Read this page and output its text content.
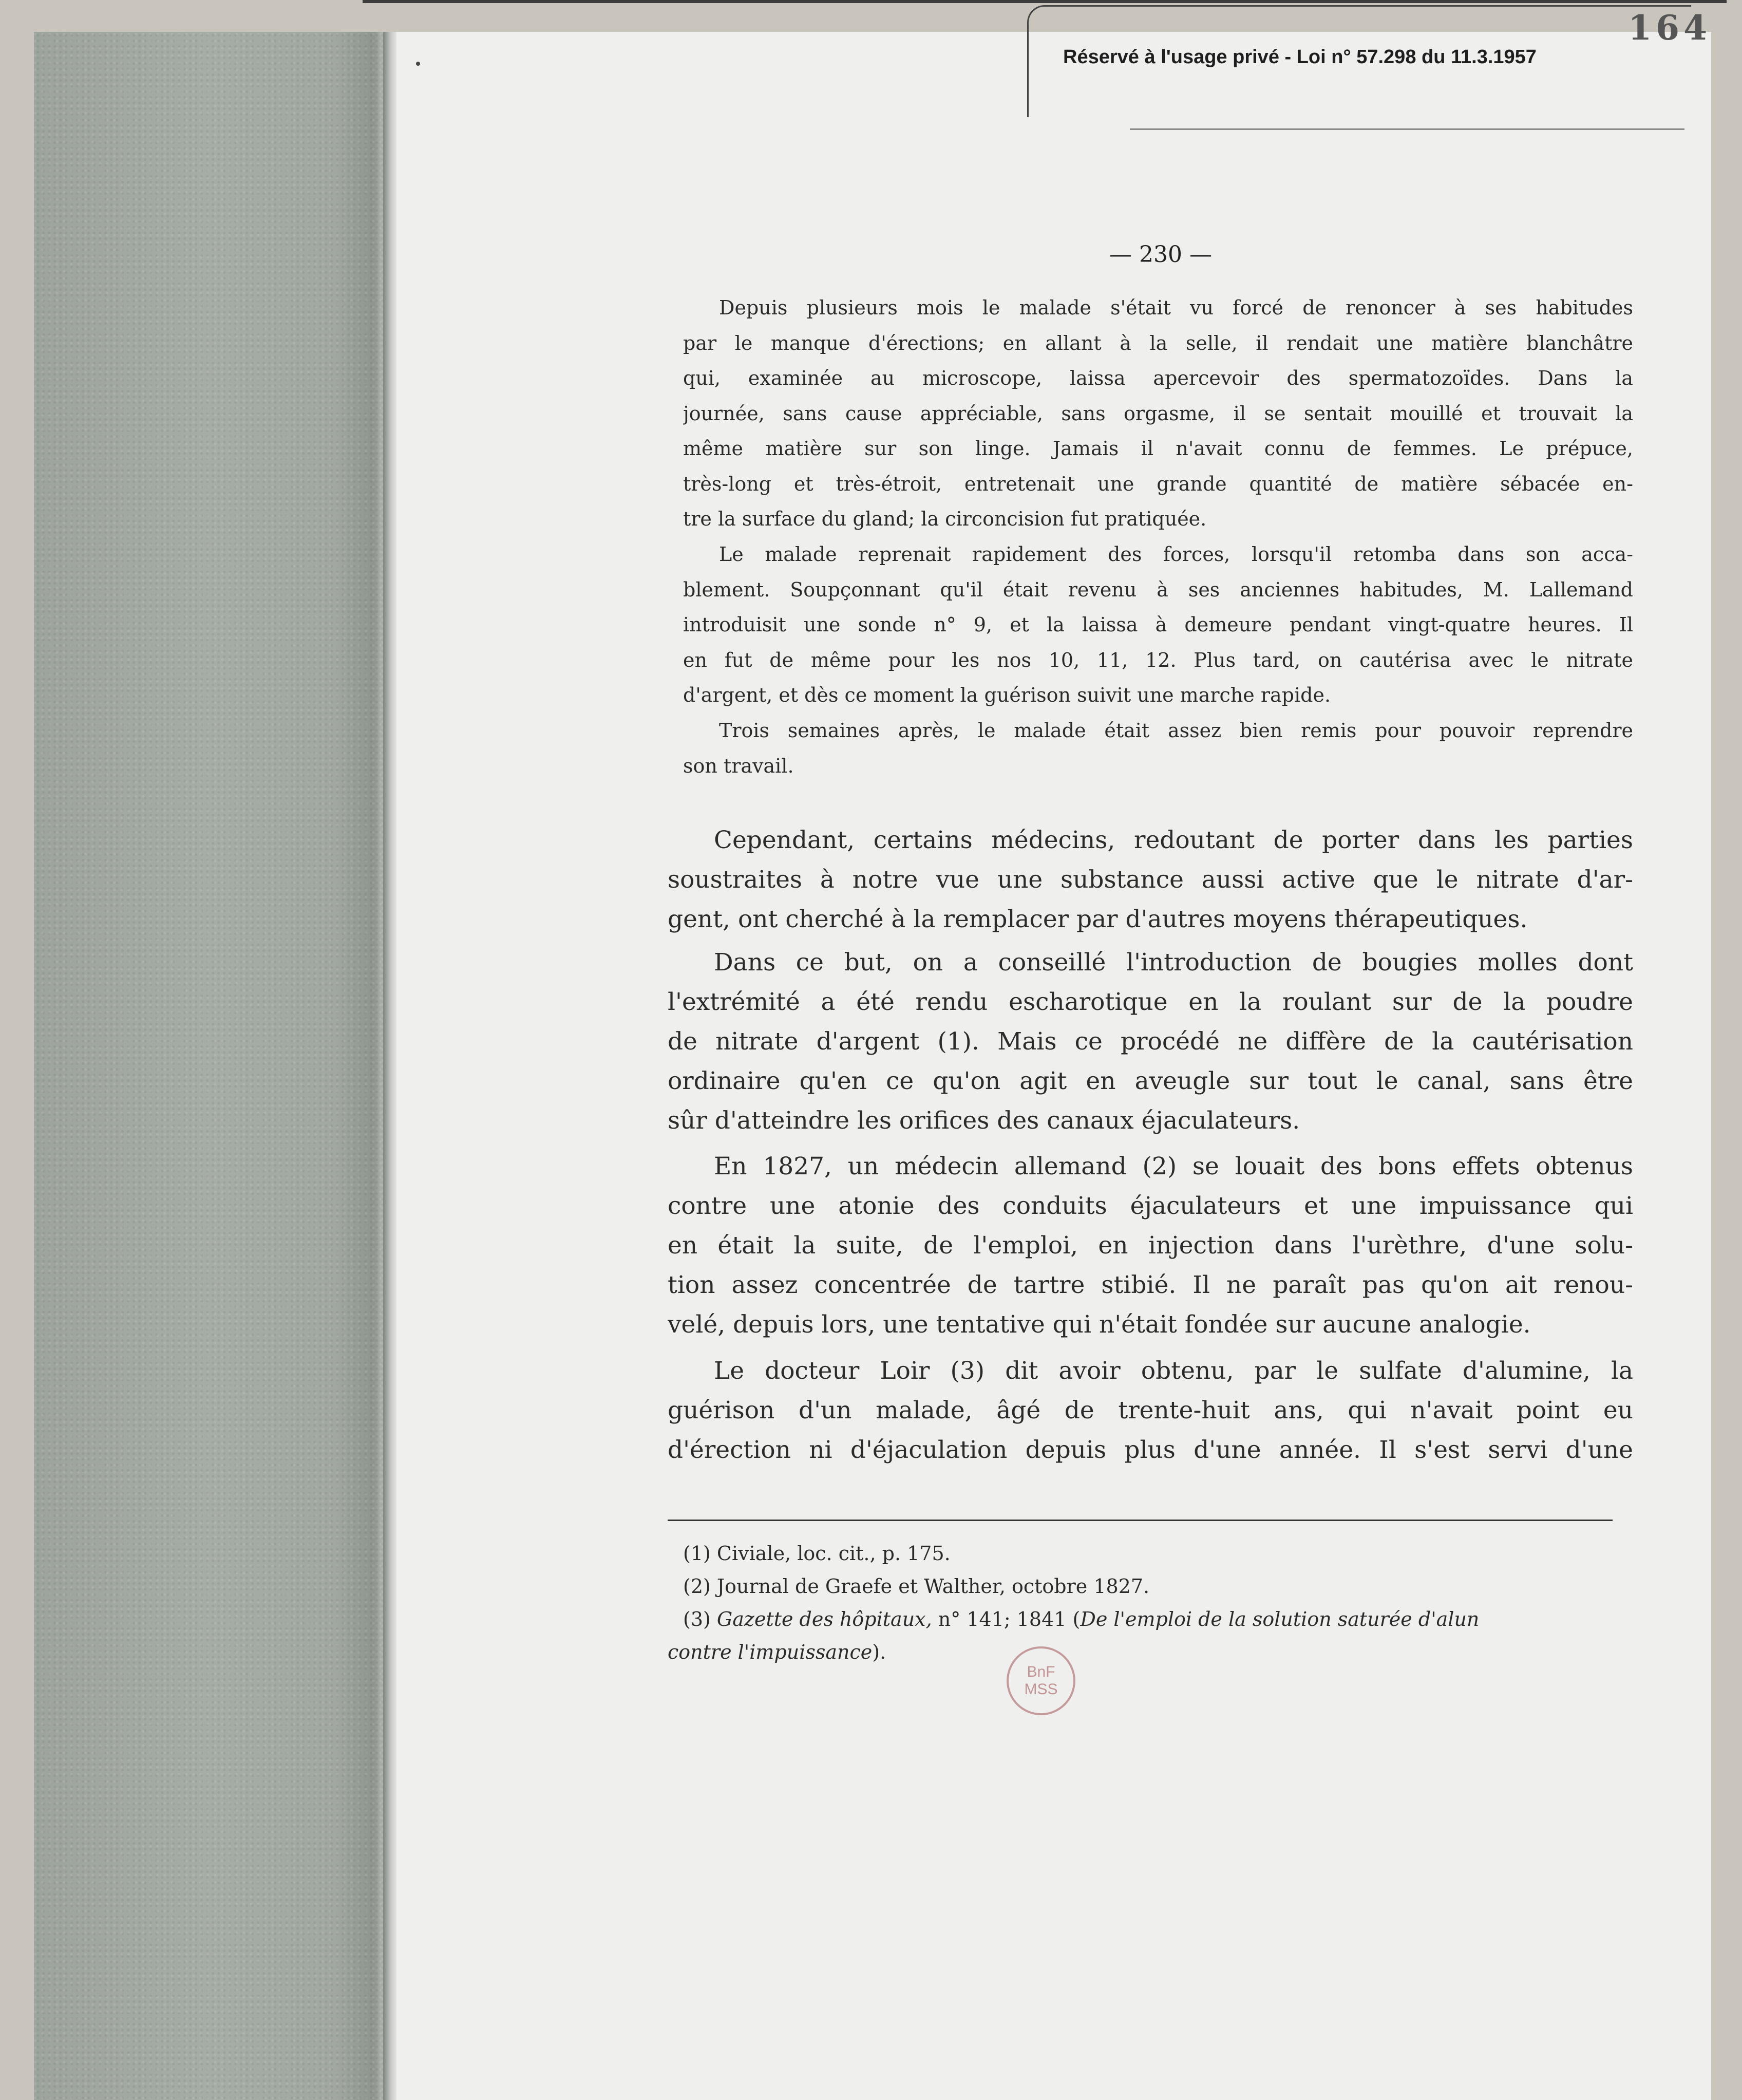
164
Réservé à l'usage privé - Loi n° 57.298 du 11.3.1957
— 230 —
Depuis plusieurs mois le malade s'était vu forcé de renoncer à ses habitudes
par le manque d'érections; en allant à la selle, il rendait une matière blanchâtre
qui, examinée au microscope, laissa apercevoir des spermatozoïdes. Dans la
journée, sans cause appréciable, sans orgasme, il se sentait mouillé et trouvait la
même matière sur son linge. Jamais il n'avait connu de femmes. Le prépuce,
très-long et très-étroit, entretenait une grande quantité de matière sébacée en-
tre la surface du gland; la circoncision fut pratiquée.
Le malade reprenait rapidement des forces, lorsqu'il retomba dans son acca-
blement. Soupçonnant qu'il était revenu à ses anciennes habitudes, M. Lallemand
introduisit une sonde n° 9, et la laissa à demeure pendant vingt-quatre heures. Il
en fut de même pour les nos 10, 11, 12. Plus tard, on cautérisa avec le nitrate
d'argent, et dès ce moment la guérison suivit une marche rapide.
Trois semaines après, le malade était assez bien remis pour pouvoir reprendre
son travail.
Cependant, certains médecins, redoutant de porter dans les parties
soustraites à notre vue une substance aussi active que le nitrate d'ar-
gent, ont cherché à la remplacer par d'autres moyens thérapeutiques.
Dans ce but, on a conseillé l'introduction de bougies molles dont
l'extrémité a été rendu escharotique en la roulant sur de la poudre
de nitrate d'argent (1). Mais ce procédé ne diffère de la cautérisation
ordinaire qu'en ce qu'on agit en aveugle sur tout le canal, sans être
sûr d'atteindre les orifices des canaux éjaculateurs.
En 1827, un médecin allemand (2) se louait des bons effets obtenus
contre une atonie des conduits éjaculateurs et une impuissance qui
en était la suite, de l'emploi, en injection dans l'urèthre, d'une solu-
tion assez concentrée de tartre stibié. Il ne paraît pas qu'on ait renou-
velé, depuis lors, une tentative qui n'était fondée sur aucune analogie.
Le docteur Loir (3) dit avoir obtenu, par le sulfate d'alumine, la
guérison d'un malade, âgé de trente-huit ans, qui n'avait point eu
d'érection ni d'éjaculation depuis plus d'une année. Il s'est servi d'une
(1) Civiale, loc. cit., p. 175.
(2) Journal de Graefe et Walther, octobre 1827.
(3) Gazette des hôpitaux, n° 141; 1841 (De l'emploi de la solution saturée d'alun
contre l'impuissance).
BnF
MSS
